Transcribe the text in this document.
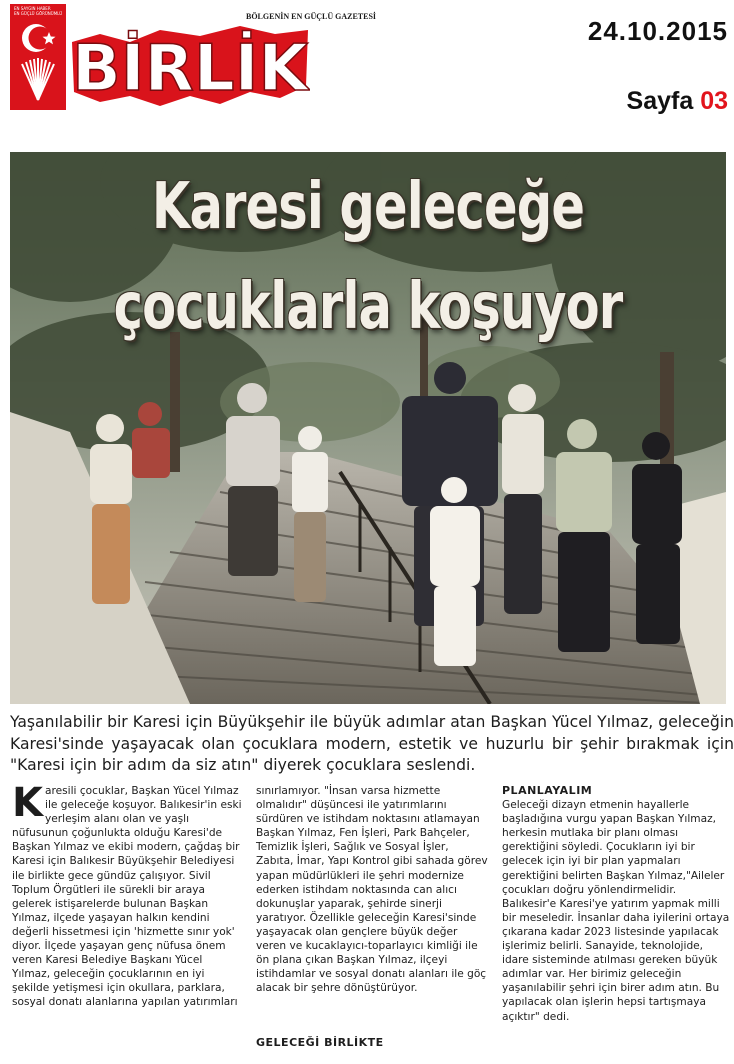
EN SAYGIN HABER
EN GÜÇLÜ GÖRÜNÜMLÜ
BİRLİK
BÖLGENİN EN GÜÇLÜ GAZETESİ	24.10.2015
Sayfa 03
Karesi geleceğe
çocuklarla koşuyor
Yaşanılabilir bir Karesi için Büyükşehir ile büyük adımlar atan Başkan Yücel Yılmaz, geleceğin Karesi'sinde yaşayacak olan çocuklara modern, estetik ve huzurlu bir şehir bırakmak için "Karesi için bir adım da siz atın" diyerek çocuklara seslendi.
K aresili çocuklar, Başkan Yücel Yılmaz ile geleceğe koşuyor. Balıkesir'in eski yerleşim alanı olan ve yaşlı nüfusunun çoğunlukta olduğu Karesi'de Başkan Yılmaz ve ekibi modern, çağdaş bir Karesi için Balıkesir Büyükşehir Belediyesi ile birlikte gece gündüz çalışıyor. Sivil Toplum Örgütleri ile sürekli bir araya gelerek istişarelerde bulunan Başkan Yılmaz, ilçede yaşayan halkın kendini değerli hissetmesi için 'hizmette sınır yok' diyor. İlçede yaşayan genç nüfusa önem veren Karesi Belediye Başkanı Yücel Yılmaz, geleceğin çocuklarının en iyi şekilde yetişmesi için okullara, parklara, sosyal donatı alanlarına yapılan yatırımları

sınırlamıyor. "İnsan varsa hizmette olmalıdır" düşüncesi ile yatırımlarını sürdüren ve istihdam noktasını atlamayan Başkan Yılmaz, Fen İşleri, Park Bahçeler, Temizlik İşleri, Sağlık ve Sosyal İşler, Zabıta, İmar, Yapı Kontrol gibi sahada görev yapan müdürlükleri ile şehri modernize ederken istihdam noktasında can alıcı dokunuşlar yaparak, şehirde sinerji yaratıyor. Özellikle geleceğin Karesi'sinde yaşayacak olan gençlere büyük değer veren ve kucaklayıcı-toparlayıcı kimliği ile ön plana çıkan Başkan Yılmaz, ilçeyi istihdamlar ve sosyal donatı alanları ile göç alacak bir şehre dönüştürüyor.

GELECEĞİ BİRLİKTE
PLANLAYALIM

Geleceği dizayn etmenin hayallerle başladığına vurgu yapan Başkan Yılmaz, herkesin mutlaka bir planı olması gerektiğini söyledi. Çocukların iyi bir gelecek için iyi bir plan yapmaları gerektiğini belirten Başkan Yılmaz,"Aileler çocukları doğru yönlendirmelidir. Balıkesir'e Karesi'ye yatırım yapmak milli bir meseledir. İnsanlar daha iyilerini ortaya çıkarana kadar 2023 listesinde yapılacak işlerimiz belirli. Sanayide, teknolojide, idare sisteminde atılması gereken büyük adımlar var. Her birimiz geleceğin yaşanılabilir şehri için birer adım atın. Bu yapılacak olan işlerin hepsi tartışmaya açıktır" dedi.
